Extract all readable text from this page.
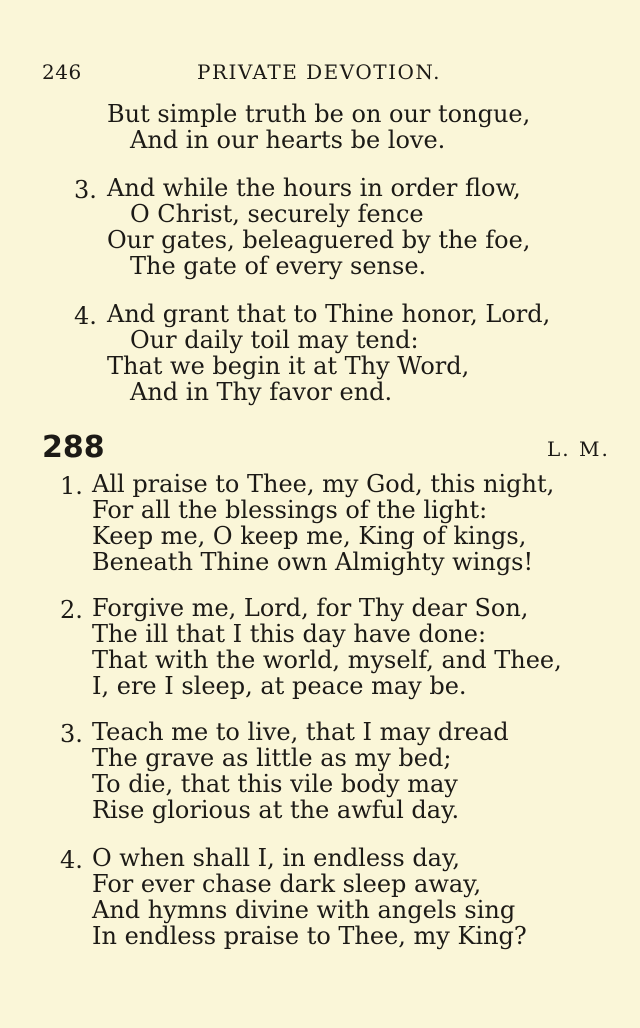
246	PRIVATE DEVOTION.
But simple truth be on our tongue,
And in our hearts be love.
3. And while the hours in order flow,
O Christ, securely fence
Our gates, beleaguered by the foe,
The gate of every sense.
4. And grant that to Thine honor, Lord,
Our daily toil may tend:
That we begin it at Thy Word,
And in Thy favor end.
288	L. M.
1. All praise to Thee, my God, this night,
For all the blessings of the light:
Keep me, O keep me, King of kings,
Beneath Thine own Almighty wings!
2. Forgive me, Lord, for Thy dear Son,
The ill that I this day have done:
That with the world, myself, and Thee,
I, ere I sleep, at peace may be.
3. Teach me to live, that I may dread
The grave as little as my bed;
To die, that this vile body may
Rise glorious at the awful day.
4. O when shall I, in endless day,
For ever chase dark sleep away,
And hymns divine with angels sing
In endless praise to Thee, my King?
